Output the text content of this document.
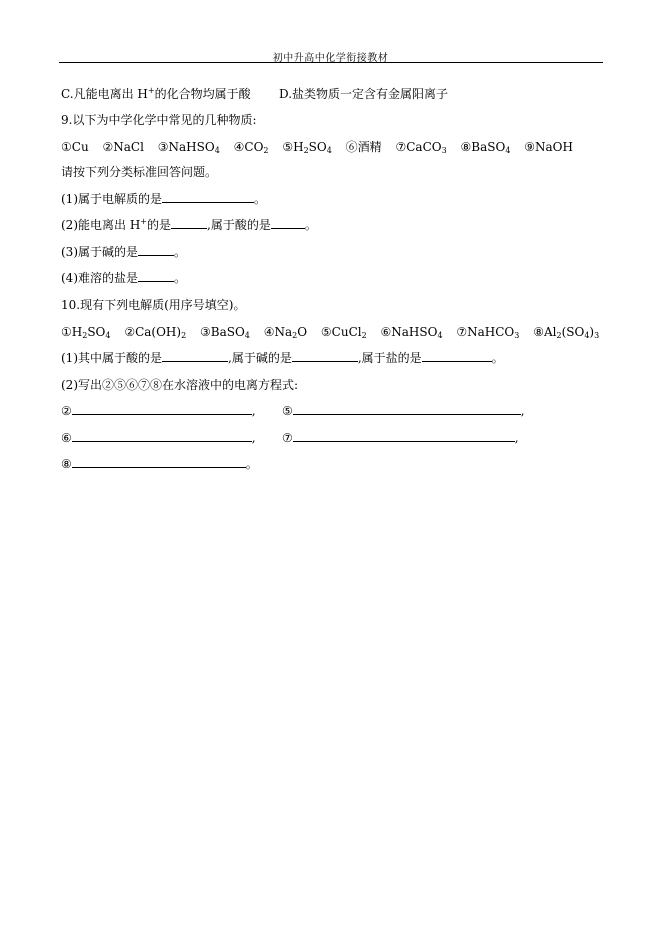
初中升高中化学衔接教材
C.凡能电离出 H+的化合物均属于酸 D.盐类物质一定含有金属阳离子
9.以下为中学化学中常见的几种物质:
①Cu ②NaCl ③NaHSO$_4$ $④CO_2$ $⑤H_2SO_4$ ⑥酒精 ⑦CaCO$_3$ ⑧BaSO$_4$ ⑨NaOH
请按下列分类标准回答问题。
(1)属于电解质的是	。
(2)能电离出 H+的是	,属于酸的是	。
(3)属于碱的是	。
(4)难溶的盐是	。
10.现有下列电解质(用序号填空)。
$①H_2SO_4$ $②Ca(OH)_2$ ③BaSO$_4$ $④Na_2O$ ⑤CuCl$_2$ ⑥NaHSO$_4$ ⑦NaHCO$_3$ $⑧Al_2(SO_4)_3$
(1)其中属于酸的是	,属于碱的是	,属于盐的是	。
(2)写出②⑤⑥⑦⑧在水溶液中的电离方程式:
②	, ⑤	,
⑥	, ⑦	,
⑧	。
